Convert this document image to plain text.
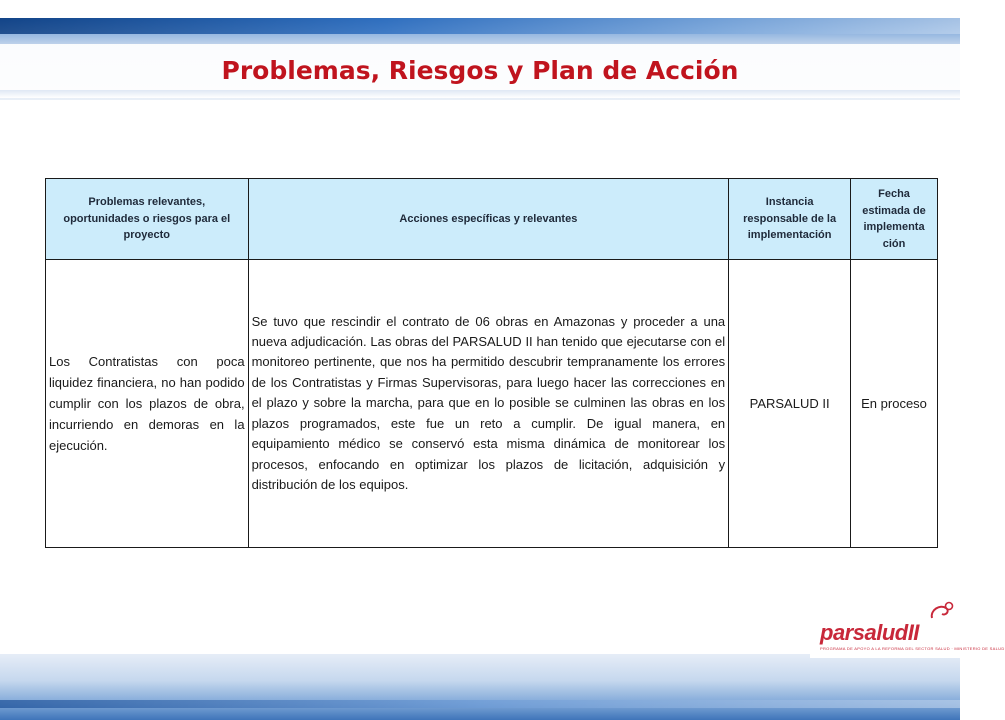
Problemas, Riesgos y Plan de Acción
Problemas relevantes, oportunidades o riesgos para el proyecto	Acciones específicas y relevantes	Instancia responsable de la implementación	Fecha estimada de implementa ción
Los Contratistas con poca liquidez financiera, no han podido cumplir con los plazos de obra, incurriendo en demoras en la ejecución.	Se tuvo que rescindir el contrato de 06 obras en Amazonas y proceder a una nueva adjudicación. Las obras del PARSALUD II han tenido que ejecutarse con el monitoreo pertinente, que nos ha permitido descubrir tempranamente los errores de los Contratistas y Firmas Supervisoras, para luego hacer las correcciones en el plazo y sobre la marcha, para que en lo posible se culminen las obras en los plazos programados, este fue un reto a cumplir. De igual manera, en equipamiento médico se conservó esta misma dinámica de monitorear los procesos, enfocando en optimizar los plazos de licitación, adquisición y distribución de los equipos.	PARSALUD II	En proceso
parsaludII
PROGRAMA DE APOYO A LA REFORMA DEL SECTOR SALUD · MINISTERIO DE SALUD
